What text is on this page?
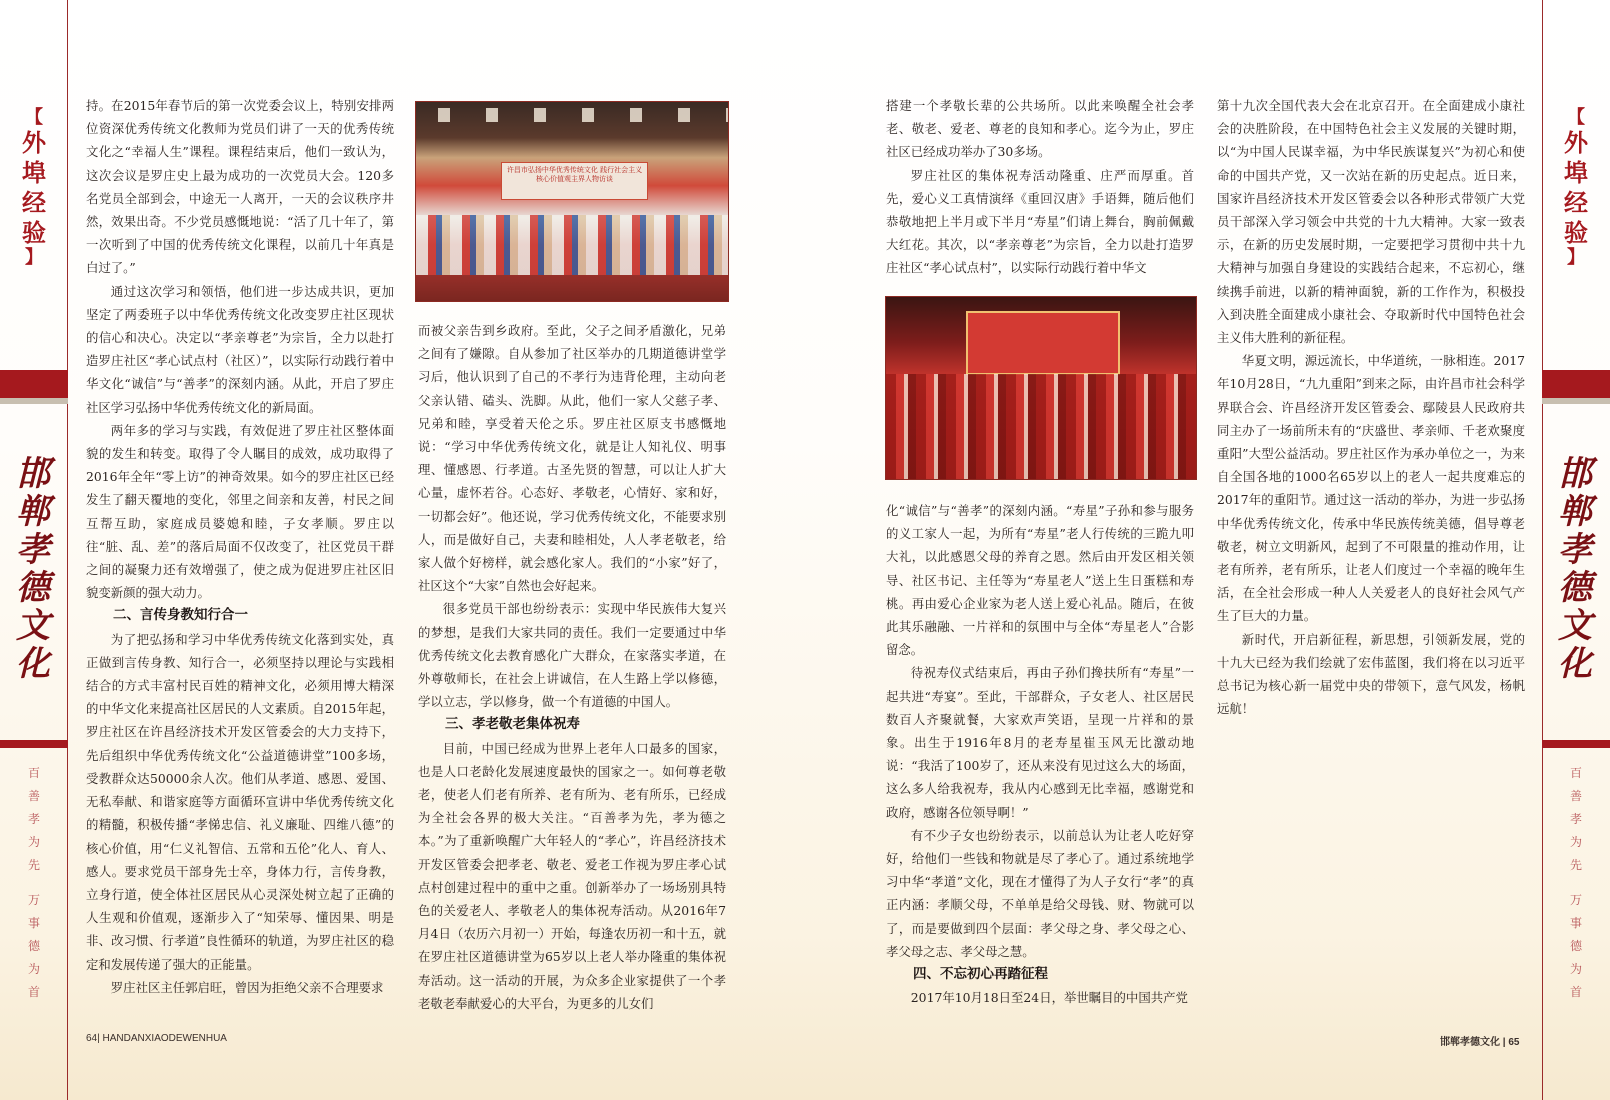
【
外埠经验
】
邯郸孝德文化
百
善
孝
为
先
万
事
德
为
首
【
外埠经验
】
邯郸孝德文化
百
善
孝
为
先
万
事
德
为
首

持。在2015年春节后的第一次党委会议上，特别安排两位资深优秀传统文化教师为党员们讲了一天的优秀传统文化之“幸福人生”课程。课程结束后，他们一致认为，这次会议是罗庄史上最为成功的一次党员大会。120多名党员全部到会，中途无一人离开，一天的会议秩序井然，效果出奇。不少党员感慨地说：“活了几十年了，第一次听到了中国的优秀传统文化课程，以前几十年真是白过了。”

通过这次学习和领悟，他们进一步达成共识，更加坚定了两委班子以中华优秀传统文化改变罗庄社区现状的信心和决心。决定以“孝亲尊老”为宗旨，全力以赴打造罗庄社区“孝心试点村（社区）”，以实际行动践行着中华文化“诚信”与“善孝”的深刻内涵。从此，开启了罗庄社区学习弘扬中华优秀传统文化的新局面。

两年多的学习与实践，有效促进了罗庄社区整体面貌的发生和转变。取得了令人瞩目的成效，成功取得了2016年全年“零上访”的神奇效果。如今的罗庄社区已经发生了翻天覆地的变化，邻里之间亲和友善，村民之间互帮互助，家庭成员婆媳和睦，子女孝顺。罗庄以往“脏、乱、差”的落后局面不仅改变了，社区党员干群之间的凝聚力还有效增强了，使之成为促进罗庄社区旧貌变新颜的强大动力。

二、言传身教知行合一

为了把弘扬和学习中华优秀传统文化落到实处，真正做到言传身教、知行合一，必须坚持以理论与实践相结合的方式丰富村民百姓的精神文化，必须用博大精深的中华文化来提高社区居民的人文素质。自2015年起，罗庄社区在许昌经济技术开发区管委会的大力支持下，先后组织中华优秀传统文化“公益道德讲堂”100多场，受教群众达50000余人次。他们从孝道、感恩、爱国、无私奉献、和谐家庭等方面循环宣讲中华优秀传统文化的精髓，积极传播“孝悌忠信、礼义廉耻、四维八德”的核心价值，用“仁义礼智信、五常和五伦”化人、育人、感人。要求党员干部身先士卒，身体力行，言传身教，立身行道，使全体社区居民从心灵深处树立起了正确的人生观和价值观，逐渐步入了“知荣辱、懂因果、明是非、改习惯、行孝道”良性循环的轨道，为罗庄社区的稳定和发展传递了强大的正能量。

罗庄社区主任郭启旺，曾因为拒绝父亲不合理要求

许昌市弘扬中华优秀传统文化 践行社会主义核心价值观主界人物访谈

而被父亲告到乡政府。至此，父子之间矛盾激化，兄弟之间有了嫌隙。自从参加了社区举办的几期道德讲堂学习后，他认识到了自己的不孝行为违背伦理，主动向老父亲认错、磕头、洗脚。从此，他们一家人父慈子孝、兄弟和睦，享受着天伦之乐。罗庄社区原支书感慨地说：“学习中华优秀传统文化，就是让人知礼仪、明事理、懂感恩、行孝道。古圣先贤的智慧，可以让人扩大心量，虚怀若谷。心态好、孝敬老，心情好、家和好，一切都会好”。他还说，学习优秀传统文化，不能要求别人，而是做好自己，夫妻和睦相处，人人孝老敬老，给家人做个好榜样，就会感化家人。我们的“小家”好了，社区这个“大家”自然也会好起来。

很多党员干部也纷纷表示：实现中华民族伟大复兴的梦想，是我们大家共同的责任。我们一定要通过中华优秀传统文化去教育感化广大群众，在家落实孝道，在外尊敬师长，在社会上讲诚信，在人生路上学以修德，学以立志，学以修身，做一个有道德的中国人。

三、孝老敬老集体祝寿

目前，中国已经成为世界上老年人口最多的国家，也是人口老龄化发展速度最快的国家之一。如何尊老敬老，使老人们老有所养、老有所为、老有所乐，已经成为全社会各界的极大关注。“百善孝为先，孝为德之本。”为了重新唤醒广大年轻人的“孝心”，许昌经济技术开发区管委会把孝老、敬老、爱老工作视为罗庄孝心试点村创建过程中的重中之重。创新举办了一场场别具特色的关爱老人、孝敬老人的集体祝寿活动。从2016年7月4日（农历六月初一）开始，每逢农历初一和十五，就在罗庄社区道德讲堂为65岁以上老人举办隆重的集体祝寿活动。这一活动的开展，为众多企业家提供了一个孝老敬老奉献爱心的大平台，为更多的儿女们

搭建一个孝敬长辈的公共场所。以此来唤醒全社会孝老、敬老、爱老、尊老的良知和孝心。迄今为止，罗庄社区已经成功举办了30多场。

罗庄社区的集体祝寿活动隆重、庄严而厚重。首先，爱心义工真情演绎《重回汉唐》手语舞，随后他们恭敬地把上半月或下半月“寿星”们请上舞台，胸前佩戴大红花。其次，以“孝亲尊老”为宗旨，全力以赴打造罗庄社区“孝心试点村”，以实际行动践行着中华文

化“诚信”与“善孝”的深刻内涵。“寿星”子孙和参与服务的义工家人一起，为所有“寿星”老人行传统的三跪九叩大礼，以此感恩父母的养育之恩。然后由开发区相关领导、社区书记、主任等为“寿星老人”送上生日蛋糕和寿桃。再由爱心企业家为老人送上爱心礼品。随后，在彼此其乐融融、一片祥和的氛围中与全体“寿星老人”合影留念。

待祝寿仪式结束后，再由子孙们搀扶所有“寿星”一起共进“寿宴”。至此，干部群众，子女老人、社区居民数百人齐聚就餐，大家欢声笑语，呈现一片祥和的景象。出生于1916年8月的老寿星崔玉风无比激动地说：“我活了100岁了，还从来没有见过这么大的场面，这么多人给我祝寿，我从内心感到无比幸福，感谢党和政府，感谢各位领导啊！”

有不少子女也纷纷表示，以前总认为让老人吃好穿好，给他们一些钱和物就是尽了孝心了。通过系统地学习中华“孝道”文化，现在才懂得了为人子女行“孝”的真正内涵：孝顺父母，不单单是给父母钱、财、物就可以了，而是要做到四个层面：孝父母之身、孝父母之心、孝父母之志、孝父母之慧。

四、不忘初心再踏征程

2017年10月18日至24日，举世瞩目的中国共产党

第十九次全国代表大会在北京召开。在全面建成小康社会的决胜阶段，在中国特色社会主义发展的关键时期，以“为中国人民谋幸福，为中华民族谋复兴”为初心和使命的中国共产党，又一次站在新的历史起点。近日来，国家许昌经济技术开发区管委会以各种形式带领广大党员干部深入学习领会中共党的十九大精神。大家一致表示，在新的历史发展时期，一定要把学习贯彻中共十九大精神与加强自身建设的实践结合起来，不忘初心，继续携手前进，以新的精神面貌，新的工作作为，积极投入到决胜全面建成小康社会、夺取新时代中国特色社会主义伟大胜利的新征程。

华夏文明，源远流长，中华道统，一脉相连。2017年10月28日，“九九重阳”到来之际，由许昌市社会科学界联合会、许昌经济开发区管委会、鄢陵县人民政府共同主办了一场前所未有的“庆盛世、孝亲师、千老欢聚度重阳”大型公益活动。罗庄社区作为承办单位之一，为来自全国各地的1000名65岁以上的老人一起共度难忘的2017年的重阳节。通过这一活动的举办，为进一步弘扬中华优秀传统文化，传承中华民族传统美德，倡导尊老敬老，树立文明新风，起到了不可限量的推动作用，让老有所养，老有所乐，让老人们度过一个幸福的晚年生活，在全社会形成一种人人关爱老人的良好社会风气产生了巨大的力量。

新时代，开启新征程，新思想，引领新发展，党的十九大已经为我们绘就了宏伟蓝图，我们将在以习近平总书记为核心新一届党中央的带领下，意气风发，杨帆远航！

64| HANDANXIAODEWENHUA	邯郸孝德文化 | 65
